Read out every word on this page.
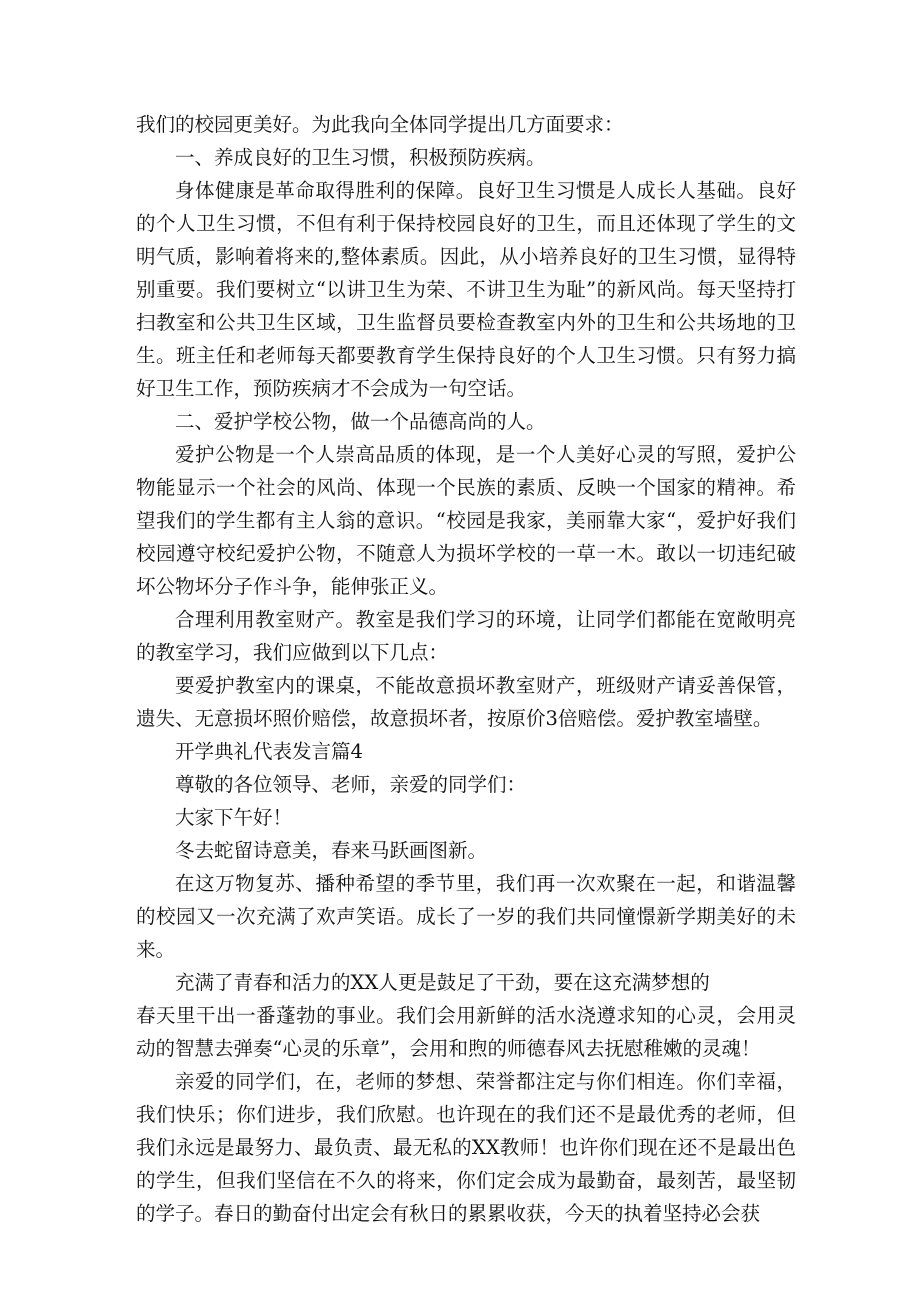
我们的校园更美好。为此我向全体同学提出几方面要求：

一、养成良好的卫生习惯，积极预防疾病。

身体健康是革命取得胜利的保障。良好卫生习惯是人成长人基础。良好的个人卫生习惯，不但有利于保持校园良好的卫生，而且还体现了学生的文明气质，影响着将来的,整体素质。因此，从小培养良好的卫生习惯，显得特别重要。我们要树立“以讲卫生为荣、不讲卫生为耻”的新风尚。每天坚持打扫教室和公共卫生区域，卫生监督员要检查教室内外的卫生和公共场地的卫生。班主任和老师每天都要教育学生保持良好的个人卫生习惯。只有努力搞好卫生工作，预防疾病才不会成为一句空话。

二、爱护学校公物，做一个品德高尚的人。

爱护公物是一个人崇高品质的体现，是一个人美好心灵的写照，爱护公物能显示一个社会的风尚、体现一个民族的素质、反映一个国家的精神。希望我们的学生都有主人翁的意识。“校园是我家，美丽靠大家“，爱护好我们校园遵守校纪爱护公物，不随意人为损坏学校的一草一木。敢以一切违纪破坏公物坏分子作斗争，能伸张正义。

合理利用教室财产。教室是我们学习的环境，让同学们都能在宽敞明亮的教室学习，我们应做到以下几点：

要爱护教室内的课桌，不能故意损坏教室财产，班级财产请妥善保管，遗失、无意损坏照价赔偿，故意损坏者，按原价3倍赔偿。爱护教室墙壁。

开学典礼代表发言篇4

尊敬的各位领导、老师，亲爱的同学们：

大家下午好！

冬去蛇留诗意美，春来马跃画图新。

在这万物复苏、播种希望的季节里，我们再一次欢聚在一起，和谐温馨的校园又一次充满了欢声笑语。成长了一岁的我们共同憧憬新学期美好的未来。

充满了青春和活力的XX人更是鼓足了干劲，要在这充满梦想的

春天里干出一番蓬勃的事业。我们会用新鲜的活水浇遵求知的心灵，会用灵动的智慧去弹奏“心灵的乐章”，会用和煦的师德春风去抚慰稚嫩的灵魂！

亲爱的同学们，在，老师的梦想、荣誉都注定与你们相连。你们幸福，我们快乐；你们进步，我们欣慰。也许现在的我们还不是最优秀的老师，但我们永远是最努力、最负责、最无私的XX教师！也许你们现在还不是最出色的学生，但我们坚信在不久的将来，你们定会成为最勤奋，最刻苦，最坚韧的学子。春日的勤奋付出定会有秋日的累累收获，今天的执着坚持必会获
